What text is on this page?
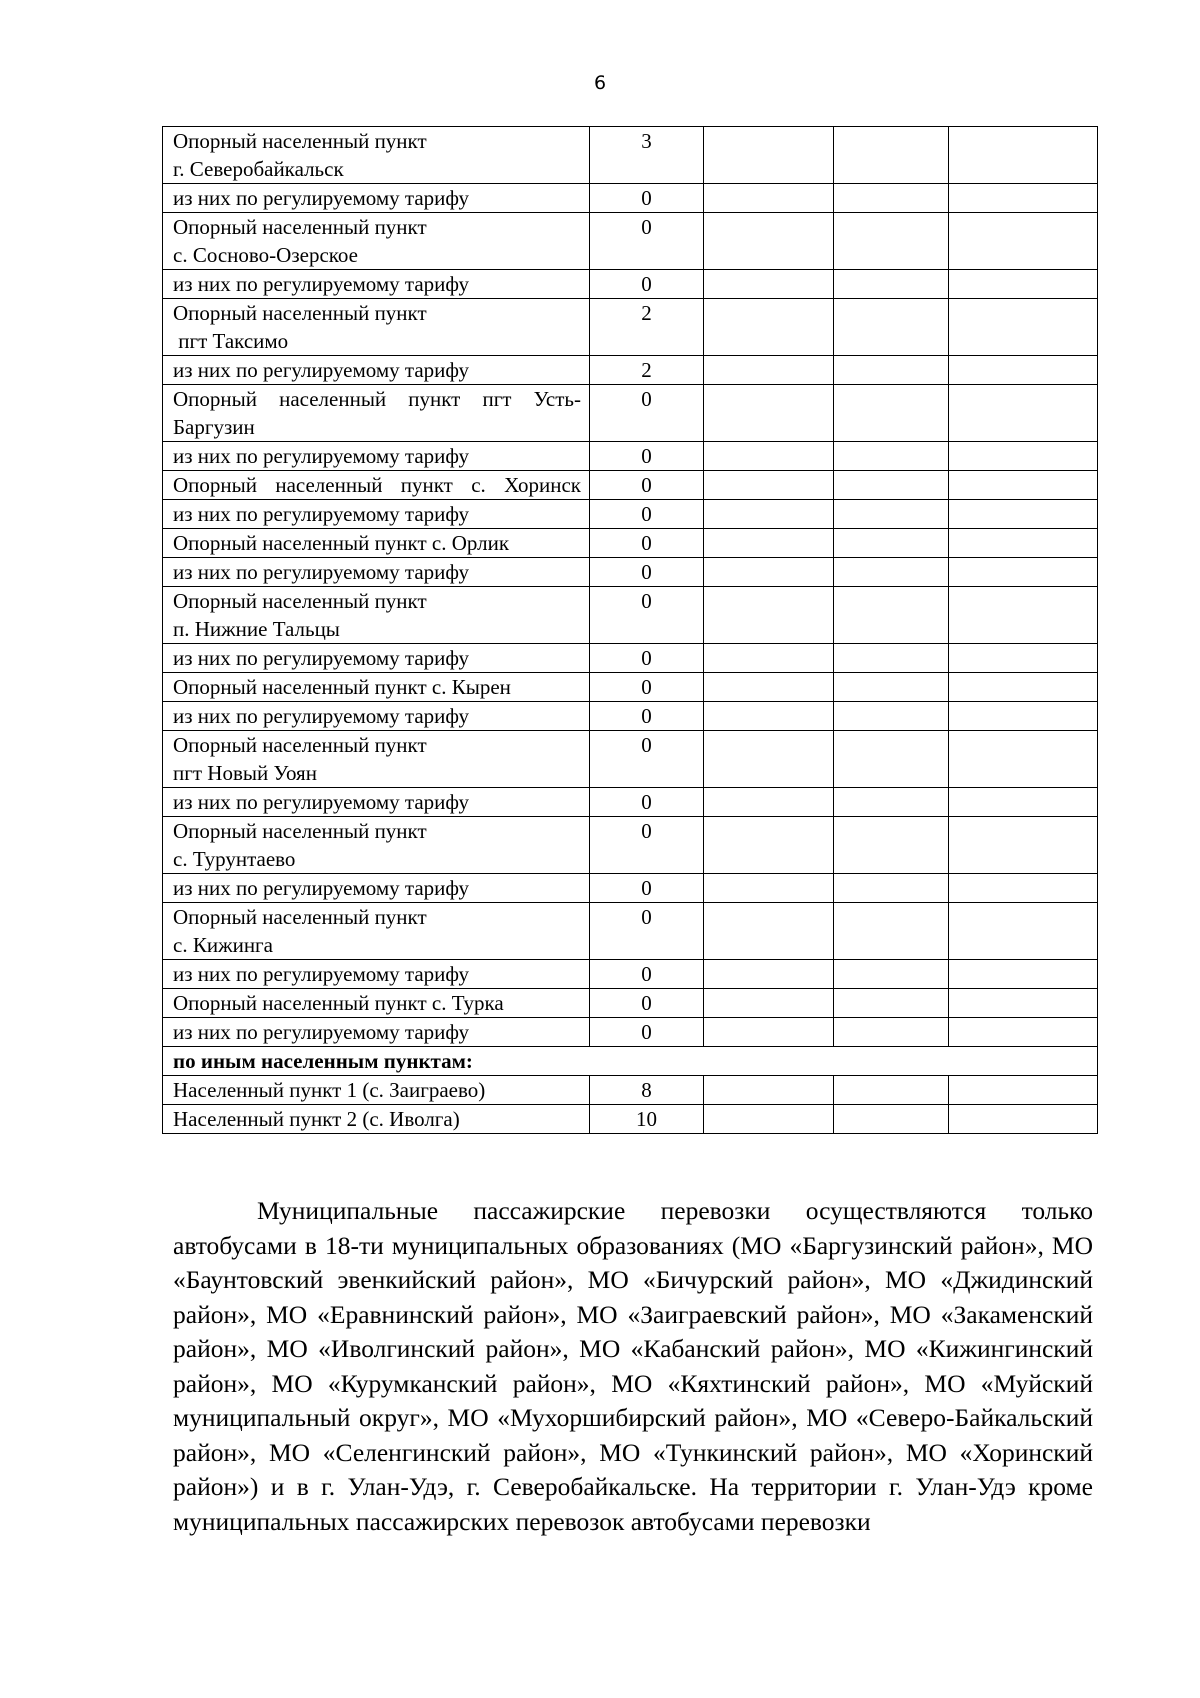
6
Опорный населенный пункт
г. Северобайкальск	3			
из них по регулируемому тарифу	0			
Опорный населенный пункт
с. Сосново-Озерское	0			
из них по регулируемому тарифу	0			
Опорный населенный пункт
пгт Таксимо	2			
из них по регулируемому тарифу	2			
Опорный населенный пункт пгт Усть-Баргузин	0			
из них по регулируемому тарифу	0			
Опорный населенный пункт с. Хоринск	0			
из них по регулируемому тарифу	0			
Опорный населенный пункт с. Орлик	0			
из них по регулируемому тарифу	0			
Опорный населенный пункт
п. Нижние Тальцы	0			
из них по регулируемому тарифу	0			
Опорный населенный пункт с. Кырен	0			
из них по регулируемому тарифу	0			
Опорный населенный пункт
пгт Новый Уоян	0			
из них по регулируемому тарифу	0			
Опорный населенный пункт
с. Турунтаево	0			
из них по регулируемому тарифу	0			
Опорный населенный пункт
с. Кижинга	0			
из них по регулируемому тарифу	0			
Опорный населенный пункт с. Турка	0			
из них по регулируемому тарифу	0			
по иным населенным пунктам:				
Населенный пункт 1 (с. Заиграево)	8			
Населенный пункт 2 (с. Иволга)	10			

Муниципальные пассажирские перевозки осуществляются только автобусами в 18-ти муниципальных образованиях (МО «Баргузинский район», МО «Баунтовский эвенкийский район», МО «Бичурский район», МО «Джидинский район», МО «Еравнинский район», МО «Заиграевский район», МО «Закаменский район», МО «Иволгинский район», МО «Кабанский район», МО «Кижингинский район», МО «Курумканский район», МО «Кяхтинский район», МО «Муйский муниципальный округ», МО «Мухоршибирский район», МО «Северо-Байкальский район», МО «Селенгинский район», МО «Тункинский район», МО «Хоринский район») и в г. Улан-Удэ, г. Северобайкальске. На территории г. Улан-Удэ кроме муниципальных пассажирских перевозок автобусами перевозки
